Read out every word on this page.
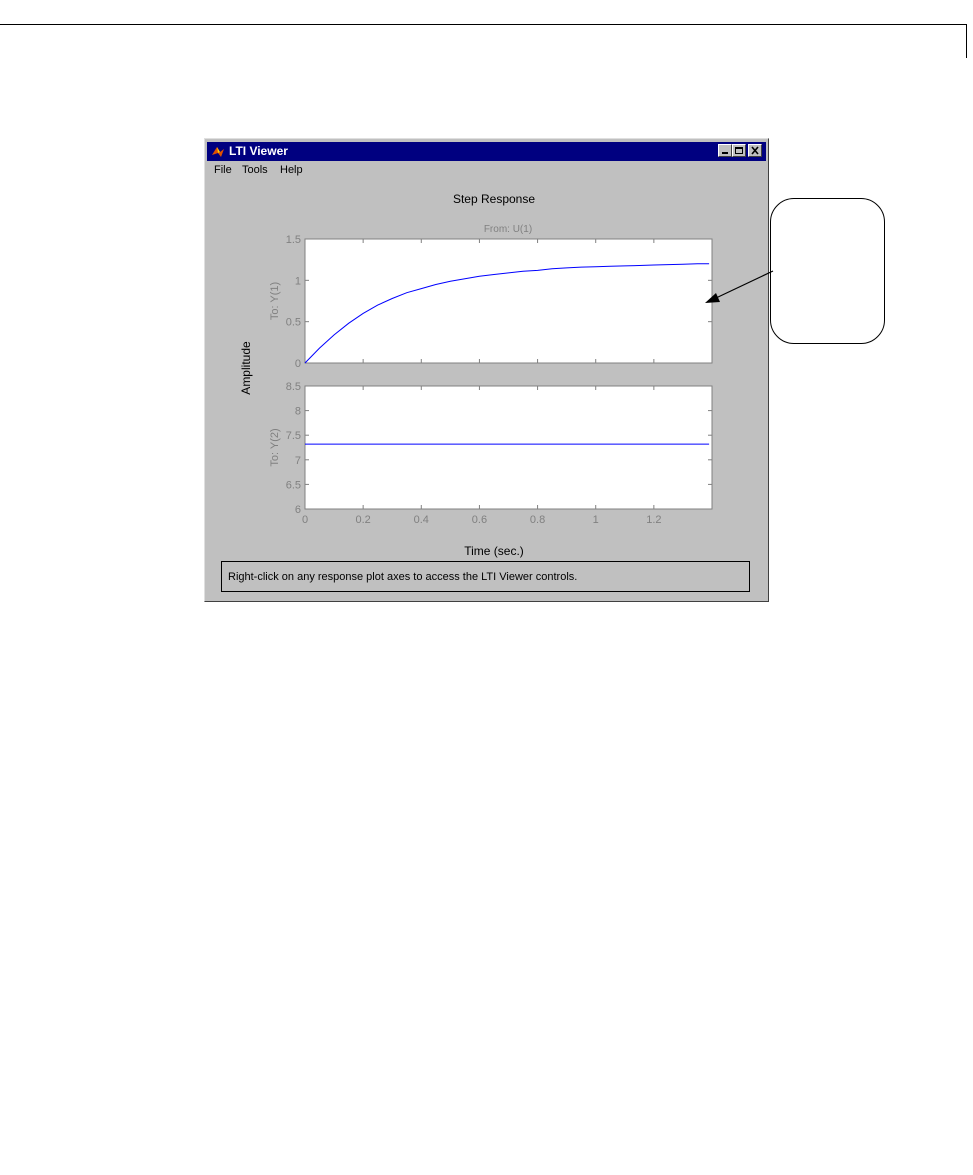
LTI Viewer
File Tools Help
Step Response
From: U(1)
Amplitude
Time (sec.)
0
0.5
1
1.5
To: Y(1)
6
6.5
7
7.5
8
8.5
0	0.2	0.4	0.6	0.8	1	1.2
To: Y(2)
Right-click on any response plot axes to access the LTI Viewer controls.
